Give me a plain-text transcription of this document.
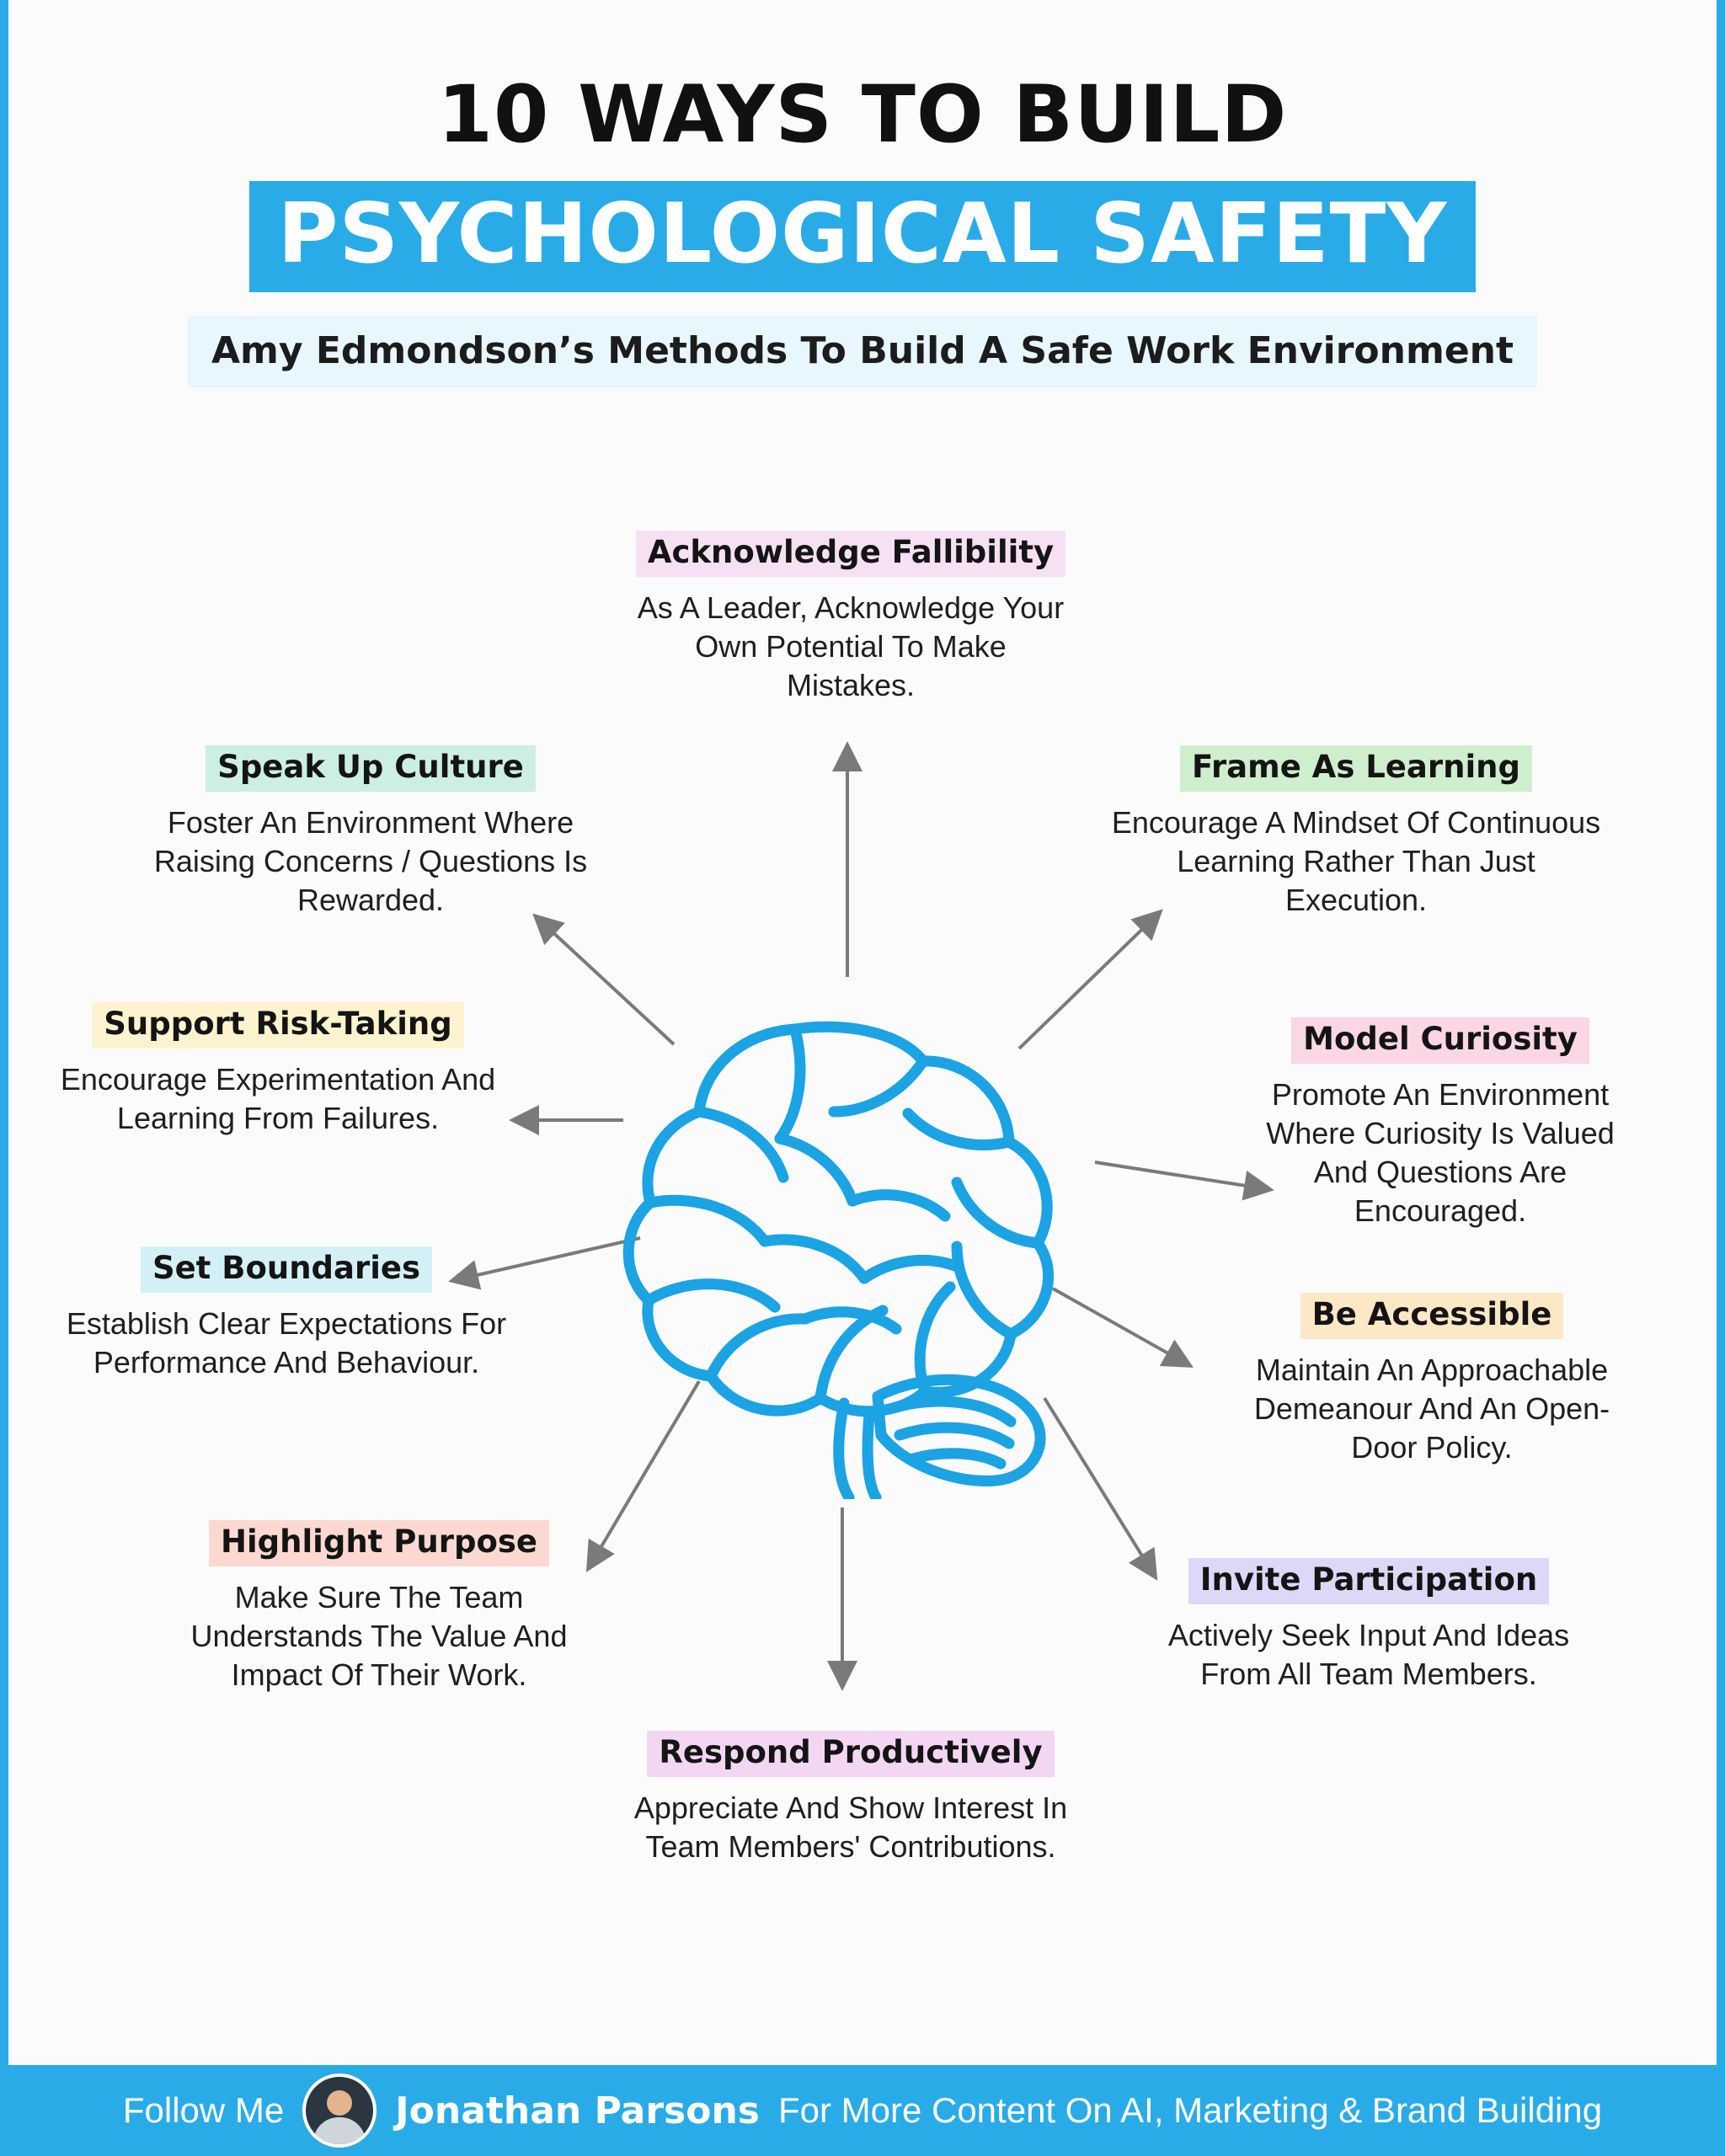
10 WAYS TO BUILD
PSYCHOLOGICAL SAFETY
Amy Edmondson’s Methods To Build A Safe Work Environment
Acknowledge Fallibility
As A Leader, Acknowledge Your Own Potential To Make Mistakes.
Speak Up Culture
Foster An Environment Where Raising Concerns / Questions Is Rewarded.
Support Risk-Taking
Encourage Experimentation And Learning From Failures.
Set Boundaries
Establish Clear Expectations For Performance And Behaviour.
Highlight Purpose
Make Sure The Team Understands The Value And Impact Of Their Work.
Respond Productively
Appreciate And Show Interest In Team Members' Contributions.
Frame As Learning
Encourage A Mindset Of Continuous Learning Rather Than Just Execution.
Model Curiosity
Promote An Environment Where Curiosity Is Valued And Questions Are Encouraged.
Be Accessible
Maintain An Approachable Demeanour And An Open-Door Policy.
Invite Participation
Actively Seek Input And Ideas From All Team Members.
Follow Me	Jonathan Parsons For More Content On AI, Marketing & Brand Building
